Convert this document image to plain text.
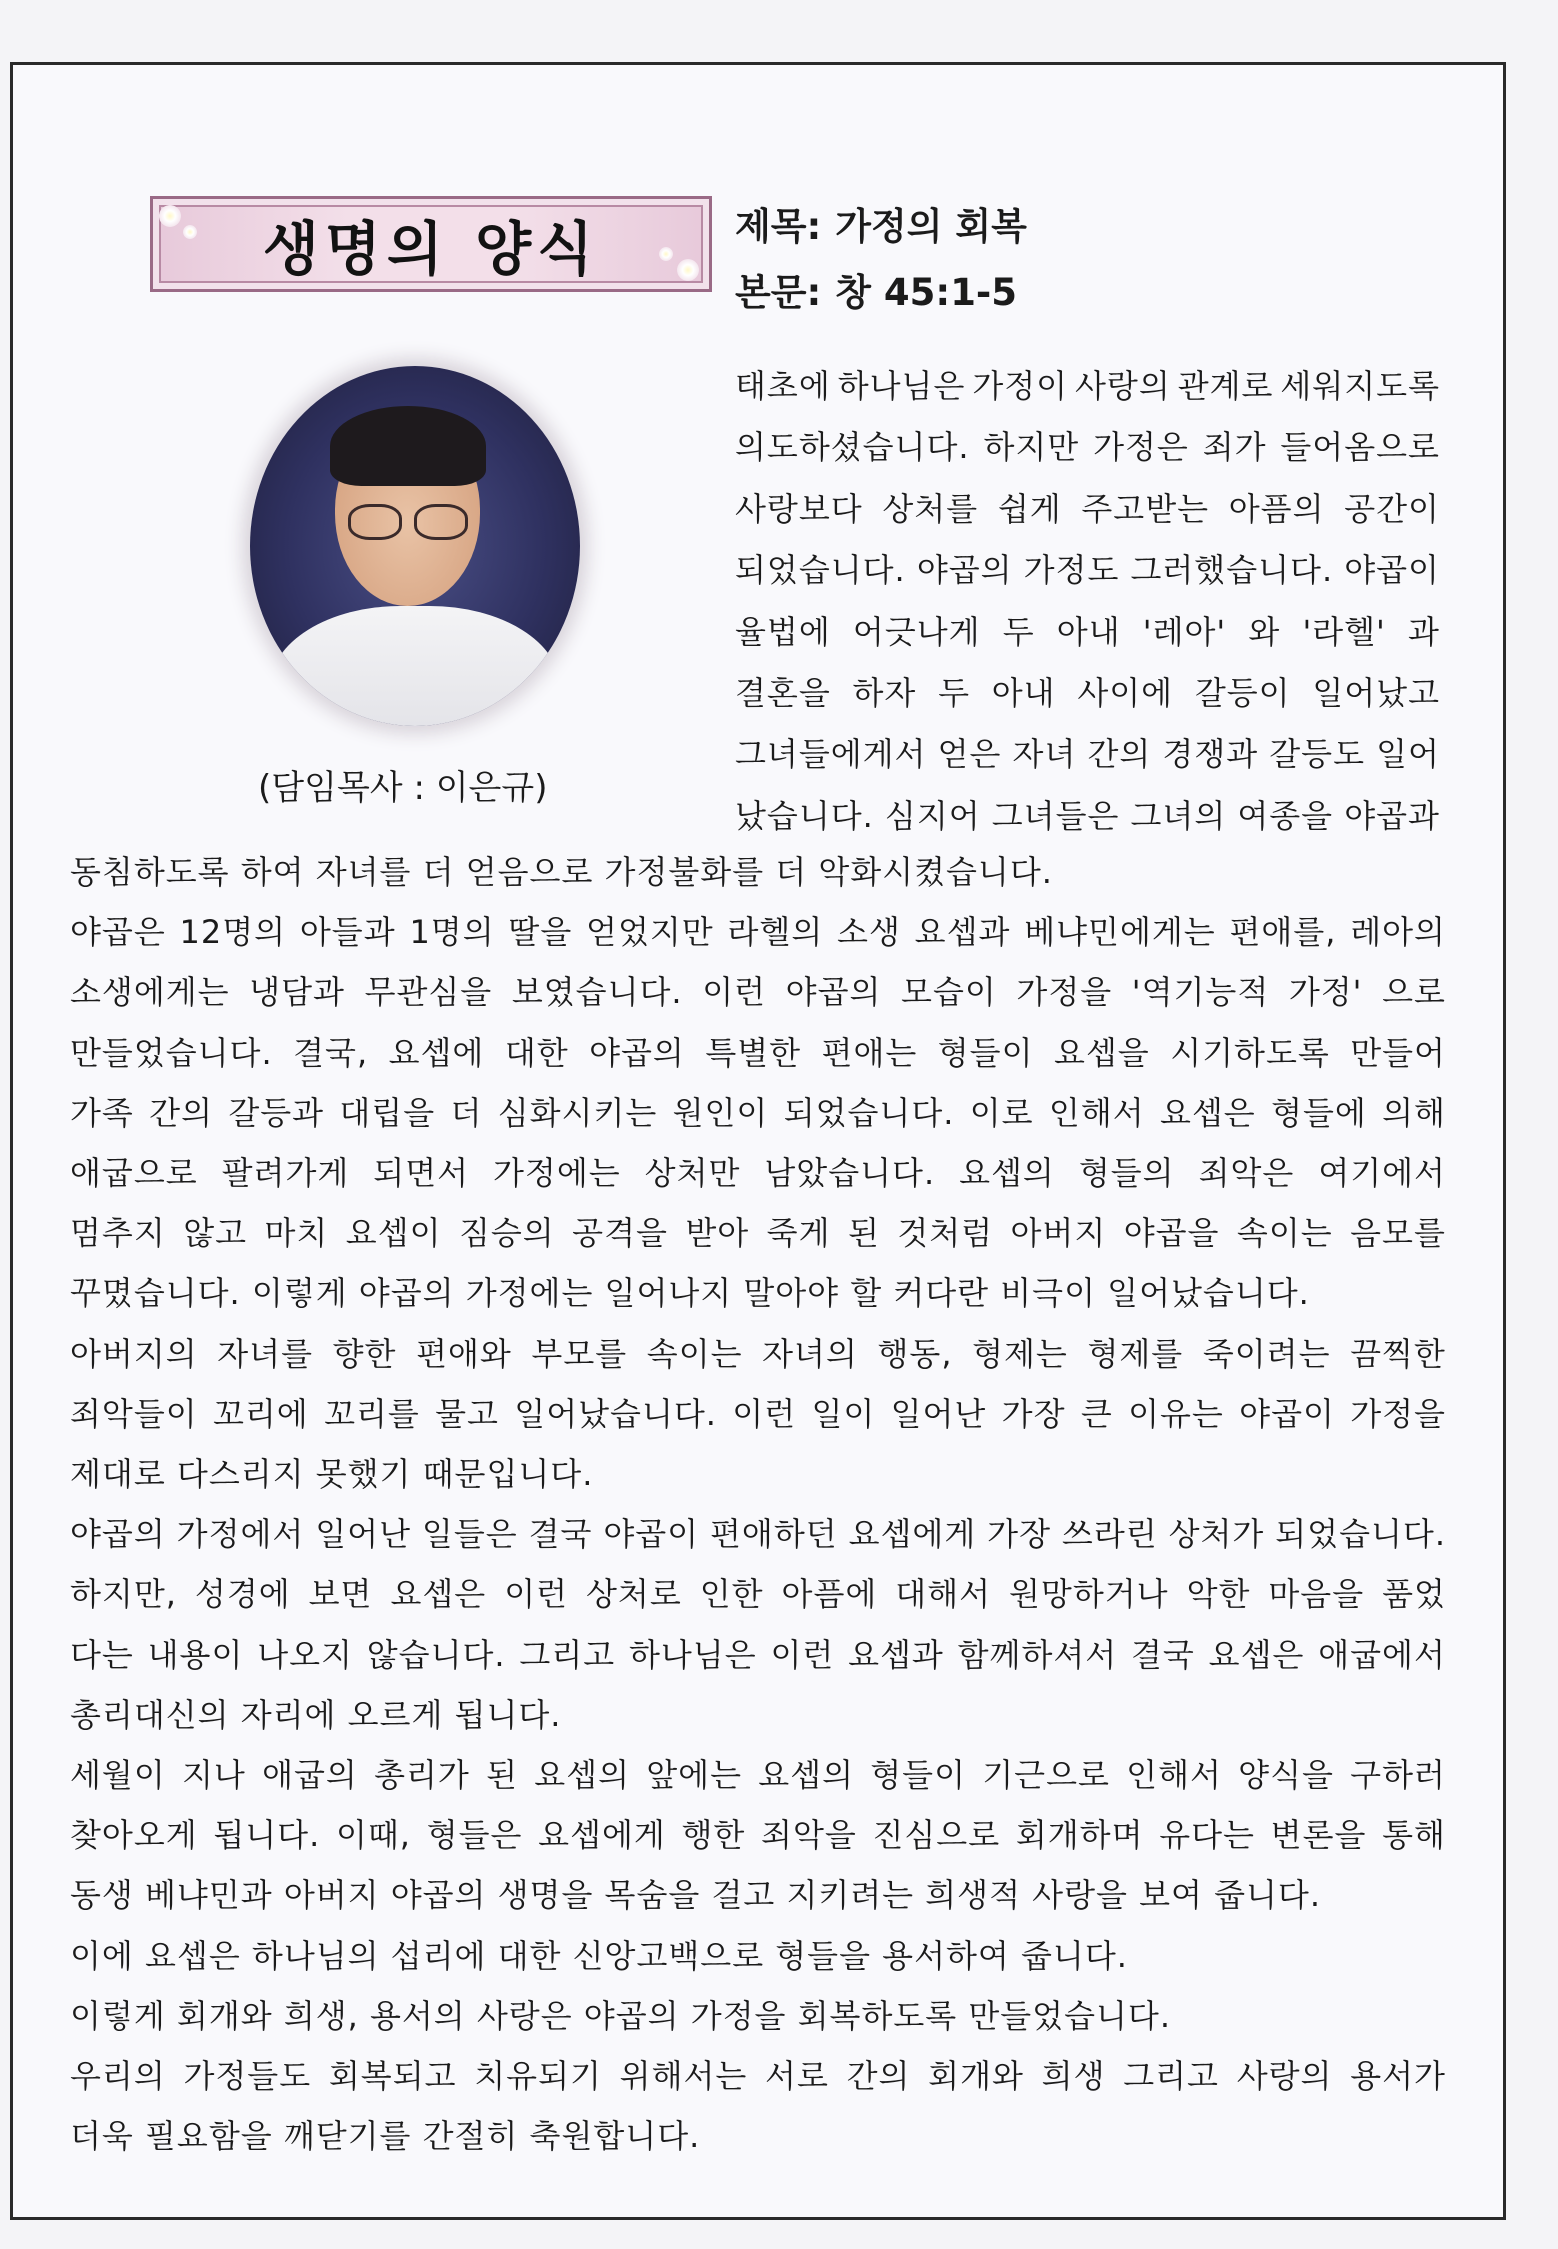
생명의 양식	제목: 가정의 회복
본문: 창 45:1-5
(담임목사 : 이은규)
태초에 하나님은 가정이 사랑의 관계로 세워지도록
의도하셨습니다. 하지만 가정은 죄가 들어옴으로
사랑보다 상처를 쉽게 주고받는 아픔의 공간이
되었습니다. 야곱의 가정도 그러했습니다. 야곱이
율법에 어긋나게 두 아내 '레아' 와 '라헬' 과
결혼을 하자 두 아내 사이에 갈등이 일어났고
그녀들에게서 얻은 자녀 간의 경쟁과 갈등도 일어
났습니다. 심지어 그녀들은 그녀의 여종을 야곱과
동침하도록 하여 자녀를 더 얻음으로 가정불화를 더 악화시켰습니다.
야곱은 12명의 아들과 1명의 딸을 얻었지만 라헬의 소생 요셉과 베냐민에게는 편애를, 레아의
소생에게는 냉담과 무관심을 보였습니다. 이런 야곱의 모습이 가정을 '역기능적 가정' 으로
만들었습니다. 결국, 요셉에 대한 야곱의 특별한 편애는 형들이 요셉을 시기하도록 만들어
가족 간의 갈등과 대립을 더 심화시키는 원인이 되었습니다. 이로 인해서 요셉은 형들에 의해
애굽으로 팔려가게 되면서 가정에는 상처만 남았습니다. 요셉의 형들의 죄악은 여기에서
멈추지 않고 마치 요셉이 짐승의 공격을 받아 죽게 된 것처럼 아버지 야곱을 속이는 음모를
꾸몄습니다. 이렇게 야곱의 가정에는 일어나지 말아야 할 커다란 비극이 일어났습니다.
아버지의 자녀를 향한 편애와 부모를 속이는 자녀의 행동, 형제는 형제를 죽이려는 끔찍한
죄악들이 꼬리에 꼬리를 물고 일어났습니다. 이런 일이 일어난 가장 큰 이유는 야곱이 가정을
제대로 다스리지 못했기 때문입니다.
야곱의 가정에서 일어난 일들은 결국 야곱이 편애하던 요셉에게 가장 쓰라린 상처가 되었습니다.
하지만, 성경에 보면 요셉은 이런 상처로 인한 아픔에 대해서 원망하거나 악한 마음을 품었
다는 내용이 나오지 않습니다. 그리고 하나님은 이런 요셉과 함께하셔서 결국 요셉은 애굽에서
총리대신의 자리에 오르게 됩니다.
세월이 지나 애굽의 총리가 된 요셉의 앞에는 요셉의 형들이 기근으로 인해서 양식을 구하러
찾아오게 됩니다. 이때, 형들은 요셉에게 행한 죄악을 진심으로 회개하며 유다는 변론을 통해
동생 베냐민과 아버지 야곱의 생명을 목숨을 걸고 지키려는 희생적 사랑을 보여 줍니다.
이에 요셉은 하나님의 섭리에 대한 신앙고백으로 형들을 용서하여 줍니다.
이렇게 회개와 희생, 용서의 사랑은 야곱의 가정을 회복하도록 만들었습니다.
우리의 가정들도 회복되고 치유되기 위해서는 서로 간의 회개와 희생 그리고 사랑의 용서가
더욱 필요함을 깨닫기를 간절히 축원합니다.
